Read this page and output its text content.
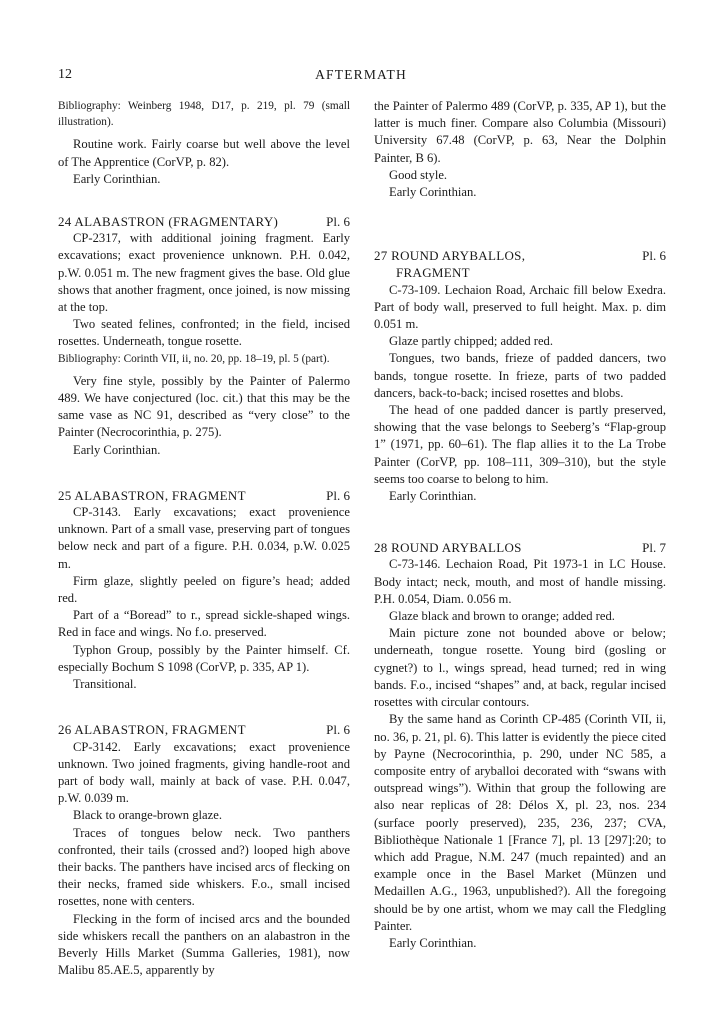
12	AFTERMATH

Bibliography: Weinberg 1948, D17, p. 219, pl. 79 (small illustration).

Routine work. Fairly coarse but well above the level of The Apprentice (CorVP, p. 82).

Early Corinthian.

24 ALABASTRON (FRAGMENTARY)	Pl. 6

CP-2317, with additional joining fragment. Early excavations; exact provenience unknown. P.H. 0.042, p.W. 0.051 m. The new fragment gives the base. Old glue shows that another fragment, once joined, is now missing at the top.

Two seated felines, confronted; in the field, incised rosettes. Underneath, tongue rosette.

Bibliography: Corinth VII, ii, no. 20, pp. 18–19, pl. 5 (part).

Very fine style, possibly by the Painter of Palermo 489. We have conjectured (loc. cit.) that this may be the same vase as NC 91, described as “very close” to the Painter (Necrocorinthia, p. 275).

Early Corinthian.

25 ALABASTRON, FRAGMENT	Pl. 6

CP-3143. Early excavations; exact provenience unknown. Part of a small vase, preserving part of tongues below neck and part of a figure. P.H. 0.034, p.W. 0.025 m.

Firm glaze, slightly peeled on figure’s head; added red.

Part of a “Boread” to r., spread sickle-shaped wings. Red in face and wings. No f.o. preserved.

Typhon Group, possibly by the Painter himself. Cf. especially Bochum S 1098 (CorVP, p. 335, AP 1).

Transitional.

26 ALABASTRON, FRAGMENT	Pl. 6

CP-3142. Early excavations; exact provenience unknown. Two joined fragments, giving handle-root and part of body wall, mainly at back of vase. P.H. 0.047, p.W. 0.039 m.

Black to orange-brown glaze.

Traces of tongues below neck. Two panthers confronted, their tails (crossed and?) looped high above their backs. The panthers have incised arcs of flecking on their necks, framed side whiskers. F.o., small incised rosettes, none with centers.

Flecking in the form of incised arcs and the bounded side whiskers recall the panthers on an alabastron in the Beverly Hills Market (Summa Galleries, 1981), now Malibu 85.AE.5, apparently by

the Painter of Palermo 489 (CorVP, p. 335, AP 1), but the latter is much finer. Compare also Columbia (Missouri) University 67.48 (CorVP, p. 63, Near the Dolphin Painter, B 6).

Good style.

Early Corinthian.

27 ROUND ARYBALLOS,	Pl. 6
FRAGMENT

C-73-109. Lechaion Road, Archaic fill below Exedra. Part of body wall, preserved to full height. Max. p. dim 0.051 m.

Glaze partly chipped; added red.

Tongues, two bands, frieze of padded dancers, two bands, tongue rosette. In frieze, parts of two padded dancers, back-to-back; incised rosettes and blobs.

The head of one padded dancer is partly preserved, showing that the vase belongs to Seeberg’s “Flap-group 1” (1971, pp. 60–61). The flap allies it to the La Trobe Painter (CorVP, pp. 108–111, 309–310), but the style seems too coarse to belong to him.

Early Corinthian.

28 ROUND ARYBALLOS	Pl. 7

C-73-146. Lechaion Road, Pit 1973-1 in LC House. Body intact; neck, mouth, and most of handle missing. P.H. 0.054, Diam. 0.056 m.

Glaze black and brown to orange; added red.

Main picture zone not bounded above or below; underneath, tongue rosette. Young bird (gosling or cygnet?) to l., wings spread, head turned; red in wing bands. F.o., incised “shapes” and, at back, regular incised rosettes with circular contours.

By the same hand as Corinth CP-485 (Corinth VII, ii, no. 36, p. 21, pl. 6). This latter is evidently the piece cited by Payne (Necrocorinthia, p. 290, under NC 585, a composite entry of aryballoi decorated with “swans with outspread wings”). Within that group the following are also near replicas of 28: Délos X, pl. 23, nos. 234 (surface poorly preserved), 235, 236, 237; CVA, Bibliothèque Nationale 1 [France 7], pl. 13 [297]:20; to which add Prague, N.M. 247 (much repainted) and an example once in the Basel Market (Münzen und Medaillen A.G., 1963, unpublished?). All the foregoing should be by one artist, whom we may call the Fledgling Painter.

Early Corinthian.
